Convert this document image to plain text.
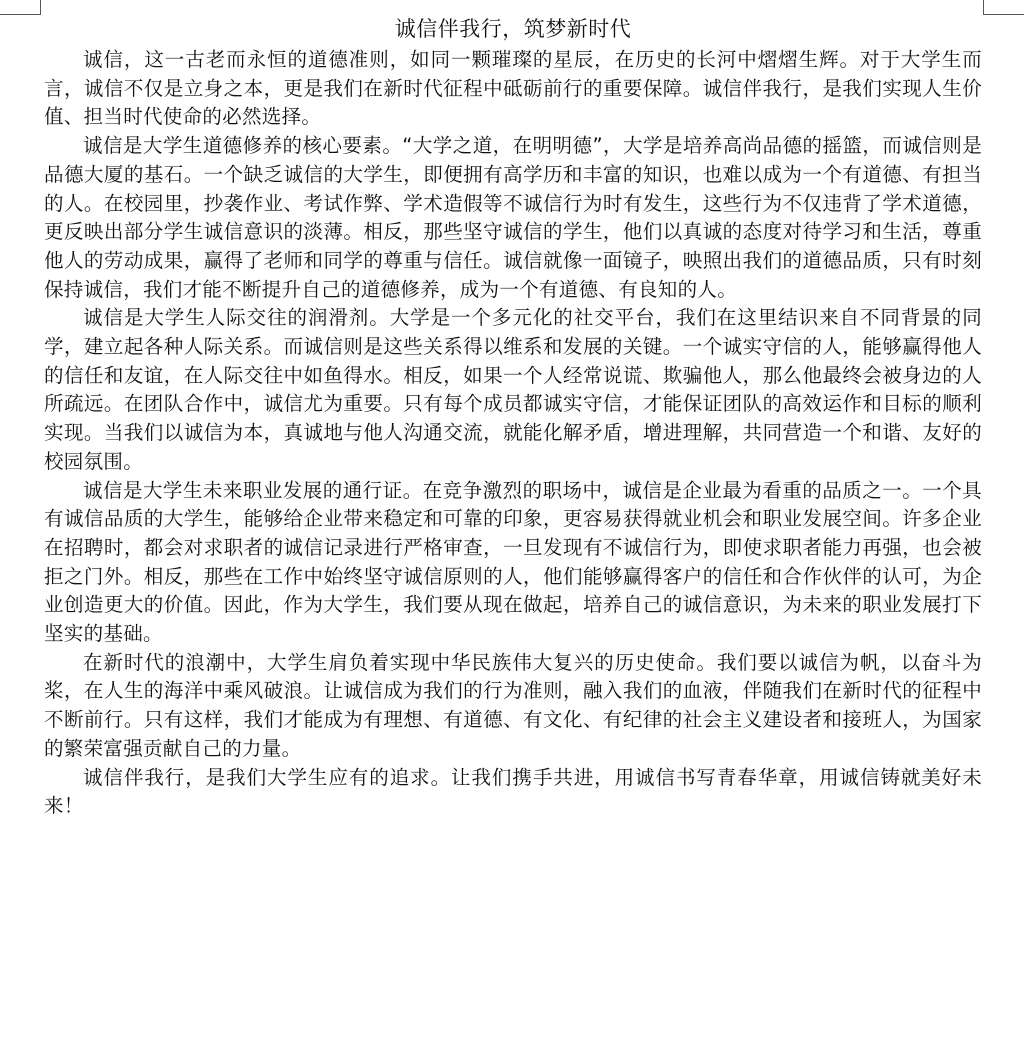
诚信伴我行，筑梦新时代

诚信，这一古老而永恒的道德准则，如同一颗璀璨的星辰，在历史的长河中熠熠生辉。对于大学生而言，诚信不仅是立身之本，更是我们在新时代征程中砥砺前行的重要保障。诚信伴我行，是我们实现人生价值、担当时代使命的必然选择。

诚信是大学生道德修养的核心要素。“大学之道，在明明德”，大学是培养高尚品德的摇篮，而诚信则是品德大厦的基石。一个缺乏诚信的大学生，即便拥有高学历和丰富的知识，也难以成为一个有道德、有担当的人。在校园里，抄袭作业、考试作弊、学术造假等不诚信行为时有发生，这些行为不仅违背了学术道德，更反映出部分学生诚信意识的淡薄。相反，那些坚守诚信的学生，他们以真诚的态度对待学习和生活，尊重他人的劳动成果，赢得了老师和同学的尊重与信任。诚信就像一面镜子，映照出我们的道德品质，只有时刻保持诚信，我们才能不断提升自己的道德修养，成为一个有道德、有良知的人。

诚信是大学生人际交往的润滑剂。大学是一个多元化的社交平台，我们在这里结识来自不同背景的同学，建立起各种人际关系。而诚信则是这些关系得以维系和发展的关键。一个诚实守信的人，能够赢得他人的信任和友谊，在人际交往中如鱼得水。相反，如果一个人经常说谎、欺骗他人，那么他最终会被身边的人所疏远。在团队合作中，诚信尤为重要。只有每个成员都诚实守信，才能保证团队的高效运作和目标的顺利实现。当我们以诚信为本，真诚地与他人沟通交流，就能化解矛盾，增进理解，共同营造一个和谐、友好的校园氛围。

诚信是大学生未来职业发展的通行证。在竞争激烈的职场中，诚信是企业最为看重的品质之一。一个具有诚信品质的大学生，能够给企业带来稳定和可靠的印象，更容易获得就业机会和职业发展空间。许多企业在招聘时，都会对求职者的诚信记录进行严格审查，一旦发现有不诚信行为，即使求职者能力再强，也会被拒之门外。相反，那些在工作中始终坚守诚信原则的人，他们能够赢得客户的信任和合作伙伴的认可，为企业创造更大的价值。因此，作为大学生，我们要从现在做起，培养自己的诚信意识，为未来的职业发展打下坚实的基础。

在新时代的浪潮中，大学生肩负着实现中华民族伟大复兴的历史使命。我们要以诚信为帆，以奋斗为桨，在人生的海洋中乘风破浪。让诚信成为我们的行为准则，融入我们的血液，伴随我们在新时代的征程中不断前行。只有这样，我们才能成为有理想、有道德、有文化、有纪律的社会主义建设者和接班人，为国家的繁荣富强贡献自己的力量。

诚信伴我行，是我们大学生应有的追求。让我们携手共进，用诚信书写青春华章，用诚信铸就美好未来！
